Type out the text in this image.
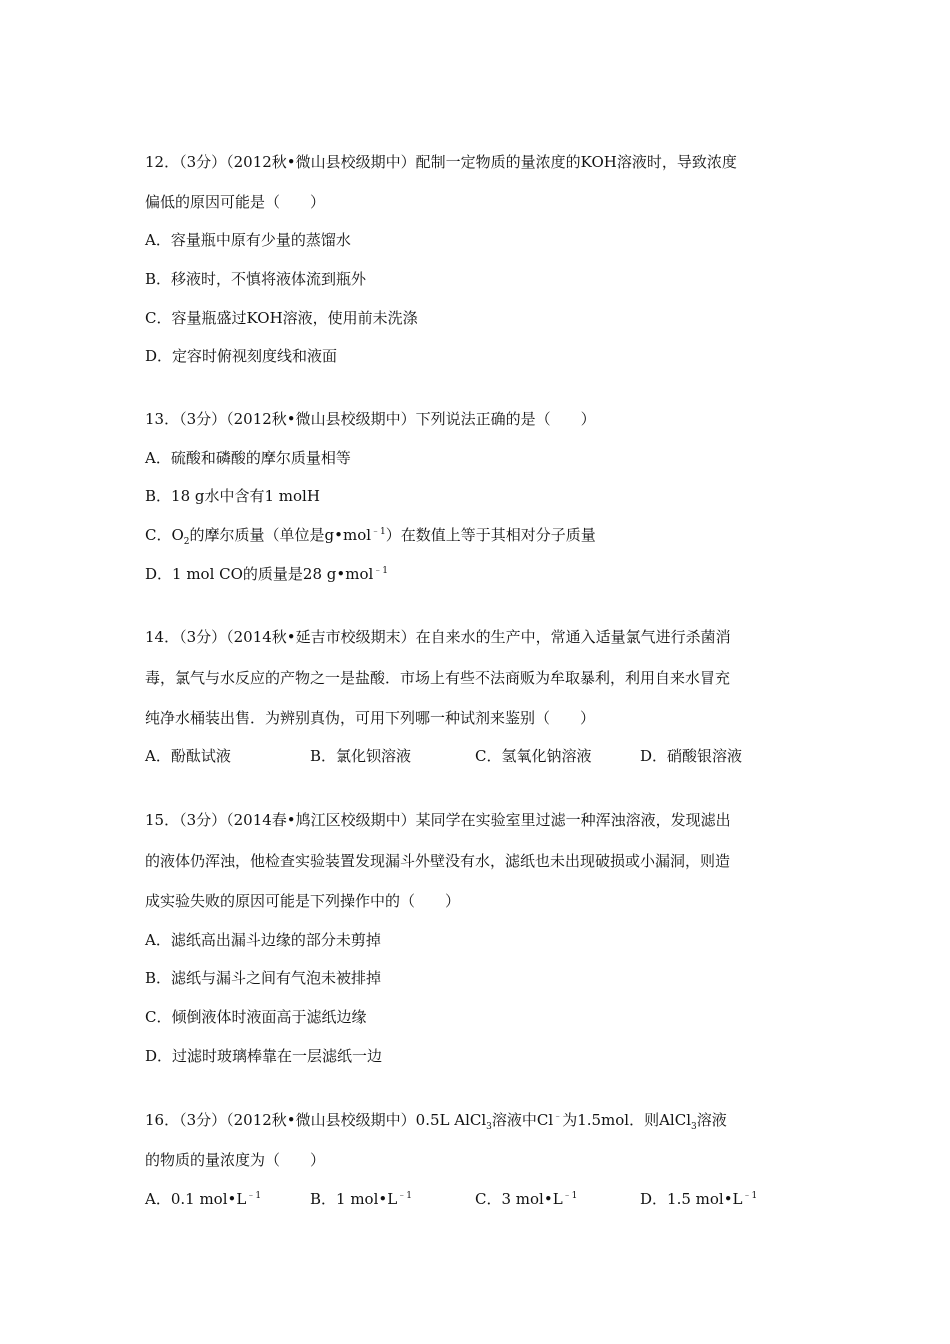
12．（3分）（2012秋•微山县校级期中）配制一定物质的量浓度的KOH溶液时，导致浓度
偏低的原因可能是（　　）
A．容量瓶中原有少量的蒸馏水
B．移液时，不慎将液体流到瓶外
C．容量瓶盛过KOH溶液，使用前未洗涤
D．定容时俯视刻度线和液面
13．（3分）（2012秋•微山县校级期中）下列说法正确的是（　　）
A．硫酸和磷酸的摩尔质量相等
B．18 g水中含有1 molH
C．$O_2$的摩尔质量（单位是g•mol$^{﹣1}$）在数值上等于其相对分子质量
D．1 mol CO的质量是28 g•mol$^{﹣1}$
14．（3分）（2014秋•延吉市校级期末）在自来水的生产中，常通入适量氯气进行杀菌消
毒，氯气与水反应的产物之一是盐酸．市场上有些不法商贩为牟取暴利，利用自来水冒充
纯净水桶装出售．为辨别真伪，可用下列哪一种试剂来鉴别（　　）
A．酚酞试液	B．氯化钡溶液	C．氢氧化钠溶液	D．硝酸银溶液
15．（3分）（2014春•鸠江区校级期中）某同学在实验室里过滤一种浑浊溶液，发现滤出
的液体仍浑浊，他检查实验装置发现漏斗外壁没有水，滤纸也未出现破损或小漏洞，则造
成实验失败的原因可能是下列操作中的（　　）
A．滤纸高出漏斗边缘的部分未剪掉
B．滤纸与漏斗之间有气泡未被排掉
C．倾倒液体时液面高于滤纸边缘
D．过滤时玻璃棒靠在一层滤纸一边
16．（3分）（2012秋•微山县校级期中）0.5L AlCl$_3$溶液中Cl﹣为1.5mol．则AlCl$_3$溶液
的物质的量浓度为（　　）
A．0.1 $mol•L^{﹣1}$	B．1 $mol•L^{﹣1}$	C．3 $mol•L^{﹣1}$	D．1.5 $mol•L^{﹣1}$
